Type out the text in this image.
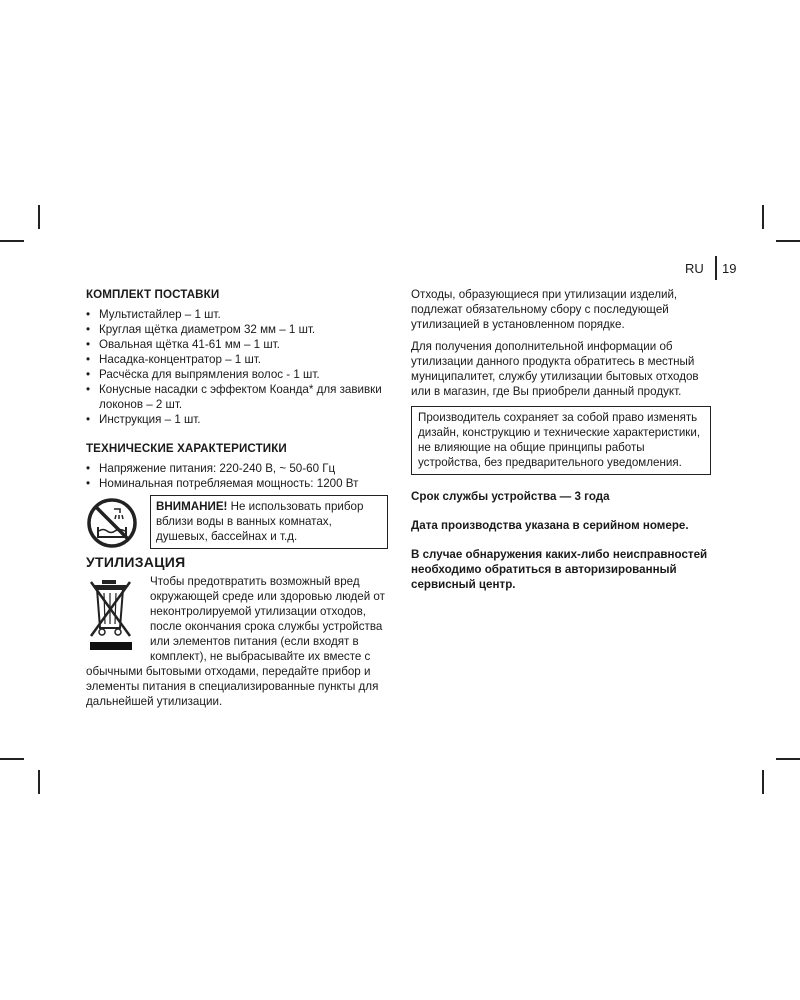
RU 19
КОМПЛЕКТ ПОСТАВКИ
• Мультистайлер – 1 шт.
• Круглая щётка диаметром 32 мм – 1 шт.
• Овальная щётка 41-61 мм – 1 шт.
• Насадка-концентратор – 1 шт.
• Расчёска для выпрямления волос - 1 шт.
• Конусные насадки с эффектом Коанда* для завивки локонов – 2 шт.
• Инструкция – 1 шт.
ТЕХНИЧЕСКИЕ ХАРАКТЕРИСТИКИ
• Напряжение питания: 220-240 В, ~ 50-60 Гц
• Номинальная потребляемая мощность: 1200 Вт
ВНИМАНИЕ! Не использовать прибор вблизи воды в ванных комнатах, душевых, бассейнах и т.д.
УТИЛИЗАЦИЯ
Чтобы предотвратить возможный вред окружающей среде или здоровью людей от неконтролируемой утилизации отходов, после окончания срока службы устройства или элементов питания (если входят в комплект), не выбрасывайте их вместе с обычными бытовыми отходами, передайте прибор и элементы питания в специализированные пункты для дальнейшей утилизации.

Отходы, образующиеся при утилизации изделий, подлежат обязательному сбору с последующей утилизацией в установленном порядке.

Для получения дополнительной информации об утилизации данного продукта обратитесь в местный муниципалитет, службу утилизации бытовых отходов или в магазин, где Вы приобрели данный продукт.

Производитель сохраняет за собой право изменять дизайн, конструкцию и технические характеристики, не влияющие на общие принципы работы устройства, без предварительного уведомления.
Срок службы устройства — 3 года
Дата производства указана в серийном номере.
В случае обнаружения каких-либо неисправностей необходимо обратиться в авторизированный сервисный центр.
